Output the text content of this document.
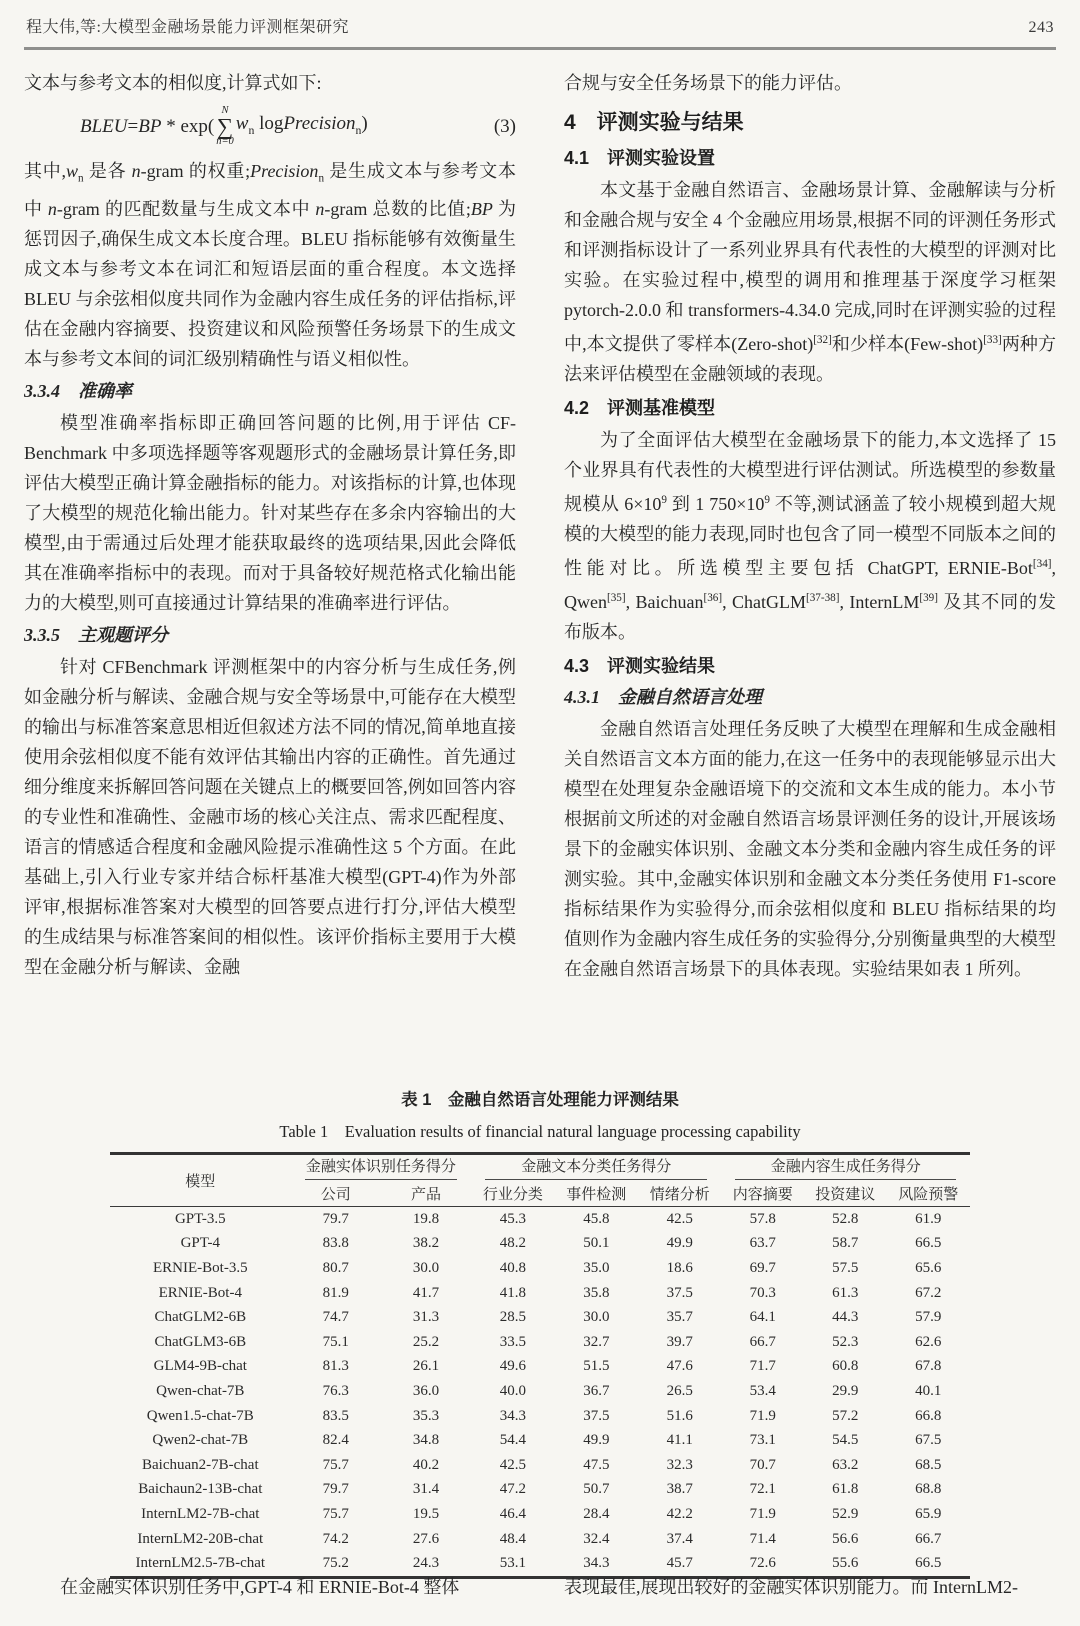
程大伟,等:大模型金融场景能力评测框架研究	243

文本与参考文本的相似度,计算式如下:

BLEU=BP * exp(
N
∑
n=0
$w_n$ logPrecision$_n$)	(3)

其中$,w_n$ 是各 n-gram 的权重;Precision$_n$ 是生成文本与参考文本中 n-gram 的匹配数量与生成文本中 n-gram 总数的比值;BP 为惩罚因子,确保生成文本长度合理。BLEU 指标能够有效衡量生成文本与参考文本在词汇和短语层面的重合程度。本文选择 BLEU 与余弦相似度共同作为金融内容生成任务的评估指标,评估在金融内容摘要、投资建议和风险预警任务场景下的生成文本与参考文本间的词汇级别精确性与语义相似性。

3.3.4　准确率

模型准确率指标即正确回答问题的比例,用于评估 CF-Benchmark 中多项选择题等客观题形式的金融场景计算任务,即评估大模型正确计算金融指标的能力。对该指标的计算,也体现了大模型的规范化输出能力。针对某些存在多余内容输出的大模型,由于需通过后处理才能获取最终的选项结果,因此会降低其在准确率指标中的表现。而对于具备较好规范格式化输出能力的大模型,则可直接通过计算结果的准确率进行评估。

3.3.5　主观题评分

针对 CFBenchmark 评测框架中的内容分析与生成任务,例如金融分析与解读、金融合规与安全等场景中,可能存在大模型的输出与标准答案意思相近但叙述方法不同的情况,简单地直接使用余弦相似度不能有效评估其输出内容的正确性。首先通过细分维度来拆解回答问题在关键点上的概要回答,例如回答内容的专业性和准确性、金融市场的核心关注点、需求匹配程度、语言的情感适合程度和金融风险提示准确性这 5 个方面。在此基础上,引入行业专家并结合标杆基准大模型(GPT-4)作为外部评审,根据标准答案对大模型的回答要点进行打分,评估大模型的生成结果与标准答案间的相似性。该评价指标主要用于大模型在金融分析与解读、金融

合规与安全任务场景下的能力评估。

4　评测实验与结果
4.1　评测实验设置

本文基于金融自然语言、金融场景计算、金融解读与分析和金融合规与安全 4 个金融应用场景,根据不同的评测任务形式和评测指标设计了一系列业界具有代表性的大模型的评测对比实验。在实验过程中,模型的调用和推理基于深度学习框架 pytorch-2.0.0 和 transformers-4.34.0 完成,同时在评测实验的过程中,本文提供了零样本(Zero-shot)[32]和少样本(Few-shot)[33]两种方法来评估模型在金融领域的表现。

4.2　评测基准模型

为了全面评估大模型在金融场景下的能力,本文选择了 15 个业界具有代表性的大模型进行评估测试。所选模型的参数量规模从 $6\times 10^9$ 到 1 $750\times 10^9$ 不等,测试涵盖了较小规模到超大规模的大模型的能力表现,同时也包含了同一模型不同版本之间的性能对比。所选模型主要包括 ChatGPT, ERNIE-Bot[34], Qwen[35], Baichuan[36], ChatGLM[37-38], InternLM[39] 及其不同的发布版本。

4.3　评测实验结果
4.3.1　金融自然语言处理

金融自然语言处理任务反映了大模型在理解和生成金融相关自然语言文本方面的能力,在这一任务中的表现能够显示出大模型在处理复杂金融语境下的交流和文本生成的能力。本小节根据前文所述的对金融自然语言场景评测任务的设计,开展该场景下的金融实体识别、金融文本分类和金融内容生成任务的评测实验。其中,金融实体识别和金融文本分类任务使用 F1-score 指标结果作为实验得分,而余弦相似度和 BLEU 指标结果的均值则作为金融内容生成任务的实验得分,分别衡量典型的大模型在金融自然语言场景下的具体表现。实验结果如表 1 所列。

表 1　金融自然语言处理能力评测结果

Table 1　Evaluation results of financial natural language processing capability

模型	金融实体识别任务得分		金融文本分类任务得分			金融内容生成任务得分		

	公司	产品	行业分类	事件检测	情绪分析	内容摘要	投资建议	风险预警
GPT-3.5	79.7	19.8	45.3	45.8	42.5	57.8	52.8	61.9
GPT-4	83.8	38.2	48.2	50.1	49.9	63.7	58.7	66.5
ERNIE-Bot-3.5	80.7	30.0	40.8	35.0	18.6	69.7	57.5	65.6
ERNIE-Bot-4	81.9	41.7	41.8	35.8	37.5	70.3	61.3	67.2
ChatGLM2-6B	74.7	31.3	28.5	30.0	35.7	64.1	44.3	57.9
ChatGLM3-6B	75.1	25.2	33.5	32.7	39.7	66.7	52.3	62.6
GLM4-9B-chat	81.3	26.1	49.6	51.5	47.6	71.7	60.8	67.8
Qwen-chat-7B	76.3	36.0	40.0	36.7	26.5	53.4	29.9	40.1
Qwen1.5-chat-7B	83.5	35.3	34.3	37.5	51.6	71.9	57.2	66.8
Qwen2-chat-7B	82.4	34.8	54.4	49.9	41.1	73.1	54.5	67.5
Baichuan2-7B-chat	75.7	40.2	42.5	47.5	32.3	70.7	63.2	68.5
Baichaun2-13B-chat	79.7	31.4	47.2	50.7	38.7	72.1	61.8	68.8
InternLM2-7B-chat	75.7	19.5	46.4	28.4	42.2	71.9	52.9	65.9
InternLM2-20B-chat	74.2	27.6	48.4	32.4	37.4	71.4	56.6	66.7
InternLM2.5-7B-chat	75.2	24.3	53.1	34.3	45.7	72.6	55.6	66.5

在金融实体识别任务中,GPT-4 和 ERNIE-Bot-4 整体	表现最佳,展现出较好的金融实体识别能力。而 InternLM2-
